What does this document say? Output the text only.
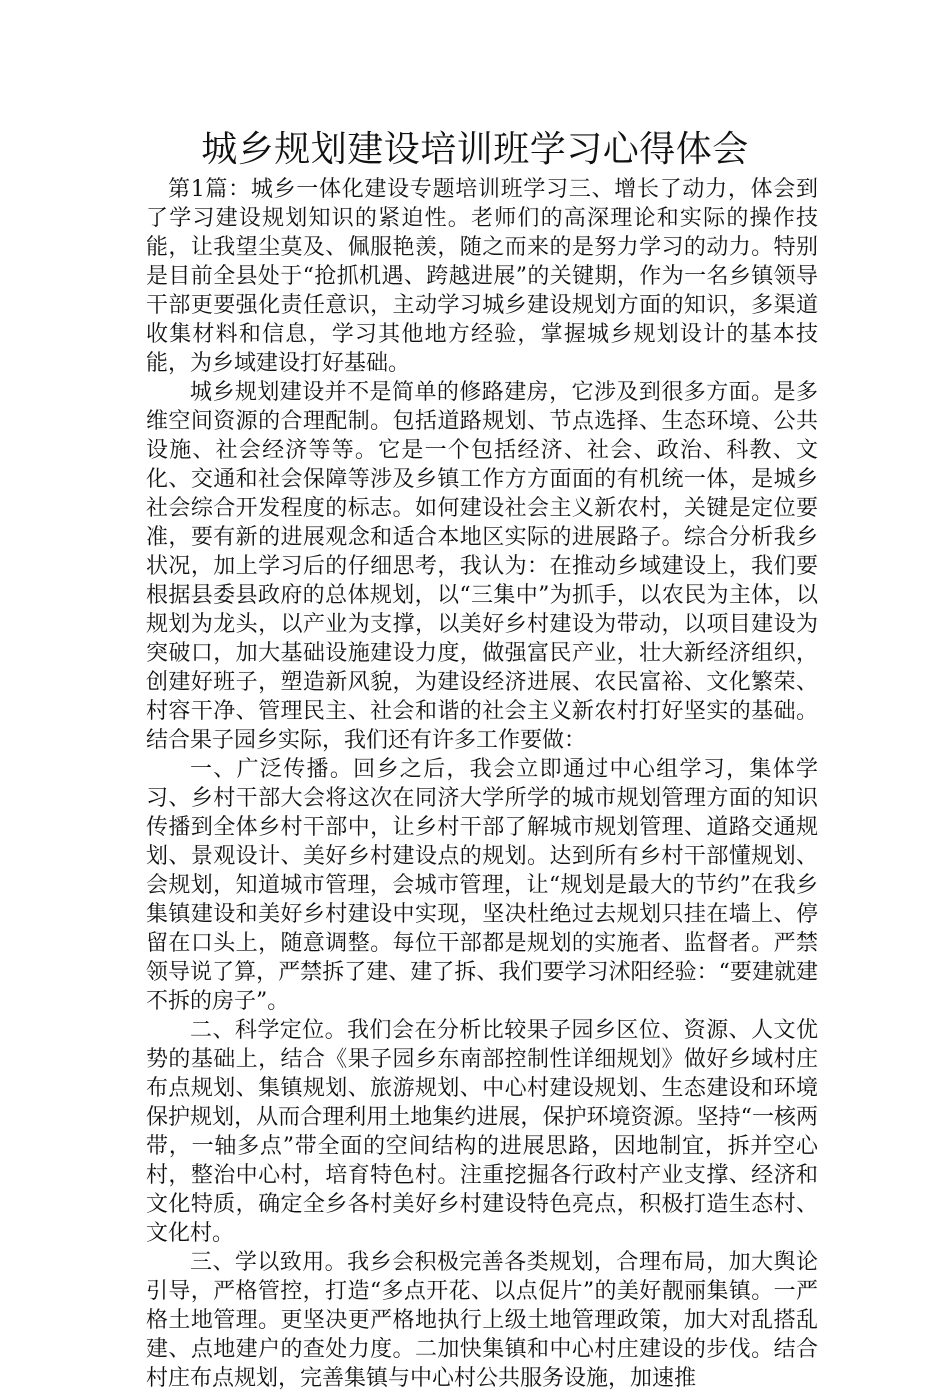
城乡规划建设培训班学习心得体会

第1篇：城乡一体化建设专题培训班学习三、增长了动力，体会到了学习建设规划知识的紧迫性。老师们的高深理论和实际的操作技能，让我望尘莫及、佩服艳羡，随之而来的是努力学习的动力。特别是目前全县处于“抢抓机遇、跨越进展”的关键期，作为一名乡镇领导干部更要强化责任意识，主动学习城乡建设规划方面的知识，多渠道收集材料和信息，学习其他地方经验，掌握城乡规划设计的基本技能，为乡域建设打好基础。

城乡规划建设并不是简单的修路建房，它涉及到很多方面。是多维空间资源的合理配制。包括道路规划、节点选择、生态环境、公共设施、社会经济等等。它是一个包括经济、社会、政治、科教、文化、交通和社会保障等涉及乡镇工作方方面面的有机统一体，是城乡社会综合开发程度的标志。如何建设社会主义新农村，关键是定位要准，要有新的进展观念和适合本地区实际的进展路子。综合分析我乡状况，加上学习后的仔细思考，我认为：在推动乡域建设上，我们要根据县委县政府的总体规划，以“三集中”为抓手，以农民为主体，以规划为龙头，以产业为支撑，以美好乡村建设为带动，以项目建设为突破口，加大基础设施建设力度，做强富民产业，壮大新经济组织，创建好班子，塑造新风貌，为建设经济进展、农民富裕、文化繁荣、村容干净、管理民主、社会和谐的社会主义新农村打好坚实的基础。结合果子园乡实际，我们还有许多工作要做：

一、广泛传播。回乡之后，我会立即通过中心组学习，集体学习、乡村干部大会将这次在同济大学所学的城市规划管理方面的知识传播到全体乡村干部中，让乡村干部了解城市规划管理、道路交通规划、景观设计、美好乡村建设点的规划。达到所有乡村干部懂规划、会规划，知道城市管理，会城市管理，让“规划是最大的节约”在我乡集镇建设和美好乡村建设中实现，坚决杜绝过去规划只挂在墙上、停留在口头上，随意调整。每位干部都是规划的实施者、监督者。严禁领导说了算，严禁拆了建、建了拆、我们要学习沭阳经验：“要建就建不拆的房子”。

二、科学定位。我们会在分析比较果子园乡区位、资源、人文优势的基础上，结合《果子园乡东南部控制性详细规划》做好乡域村庄布点规划、集镇规划、旅游规划、中心村建设规划、生态建设和环境保护规划，从而合理利用土地集约进展，保护环境资源。坚持“一核两带，一轴多点”带全面的空间结构的进展思路，因地制宜，拆并空心村，整治中心村，培育特色村。注重挖掘各行政村产业支撑、经济和文化特质，确定全乡各村美好乡村建设特色亮点，积极打造生态村、文化村。

三、学以致用。我乡会积极完善各类规划，合理布局，加大舆论引导，严格管控，打造“多点开花、以点促片”的美好靓丽集镇。一严格土地管理。更坚决更严格地执行上级土地管理政策，加大对乱搭乱建、点地建户的查处力度。二加快集镇和中心村庄建设的步伐。结合村庄布点规划，完善集镇与中心村公共服务设施，加速推
